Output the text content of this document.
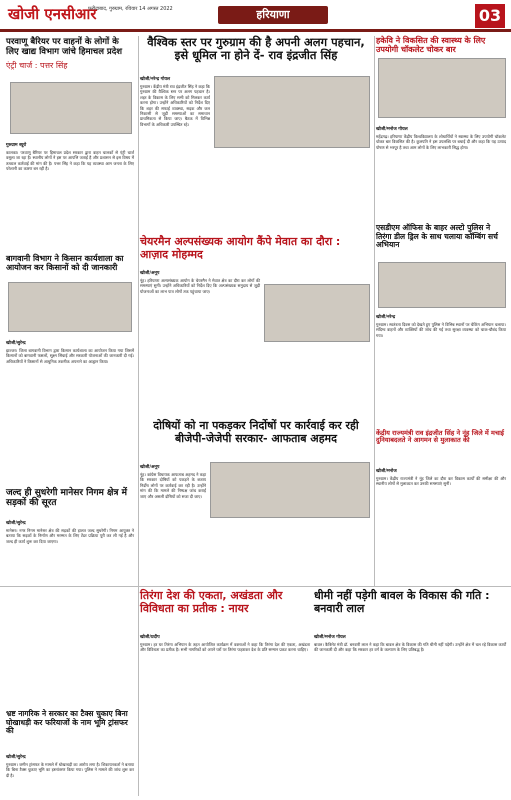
खोजी एनसीआर
फरीदाबाद, गुरुग्राम, रविवार 14 अगस्त 2022	हरियाणा	03
परवाणू बैरियर पर वाहनाें के लोगों के लिए खाद्य विभाग जांचे हिमाचल प्रदेश
एंट्री चार्ज : पत्तर सिंह
गुरुग्राम ब्यूरो
कालका। परवाणू बैरियर पर हिमाचल प्रदेश सरकार द्वारा वाहन चालकों से एंट्री चार्ज वसूला जा रहा है। स्थानीय लोगों ने इस पर आपत्ति जताई है और प्रशासन से इस विषय में तत्काल कार्रवाई की मांग की है। पत्तर सिंह ने कहा कि यह व्यवस्था आम जनता के लिए परेशानी का कारण बन रही है।
वैश्विक स्तर पर गुरुग्राम की है अपनी अलग पहचान, इसे धूमिल ना होने दें- राव इंद्रजीत सिंह
खोजी/नरेन्द्र गोयल
गुरुग्राम। केंद्रीय मंत्री राव इंद्रजीत सिंह ने कहा कि गुरुग्राम की वैश्विक स्तर पर अलग पहचान है। शहर के विकास के लिए सभी को मिलकर कार्य करना होगा। उन्होंने अधिकारियों को निर्देश दिए कि शहर की सफाई व्यवस्था, सड़क और जल निकासी से जुड़ी समस्याओं का समाधान प्राथमिकता से किया जाए। बैठक में विभिन्न विभागों के अधिकारी उपस्थित रहे।
हकेवि ने विकसित की स्वास्थ्य के लिए उपयोगी चॉकलेट चोकर बार
खोजी/मनोज गोयल
महेंद्रगढ़। हरियाणा केंद्रीय विश्वविद्यालय के शोधार्थियों ने स्वास्थ्य के लिए उपयोगी चॉकलेट चोकर बार विकसित की है। कुलपति ने इस उपलब्धि पर बधाई दी और कहा कि यह उत्पाद पोषण से भरपूर है तथा आम लोगों के लिए लाभकारी सिद्ध होगा।
बागवानी विभाग ने किसान कार्यशाला का आयोजन कर किसानों को दी जानकारी
खोजी/सुरेन्द्र
झज्जर। जिला बागवानी विभाग द्वारा किसान कार्यशाला का आयोजन किया गया जिसमें किसानों को बागवानी फसलों, सूक्ष्म सिंचाई और सरकारी योजनाओं की जानकारी दी गई। अधिकारियों ने किसानों से आधुनिक तकनीक अपनाने का आह्वान किया।
चेयरमैन अल्पसंख्यक आयोग कैंपे मेवात का दौरा : आज़ाद मोहम्मद
खोजी/अनूप
नूंह। हरियाणा अल्पसंख्यक आयोग के चेयरमैन ने मेवात क्षेत्र का दौरा कर लोगों की समस्याएं सुनीं। उन्होंने अधिकारियों को निर्देश दिए कि अल्पसंख्यक समुदाय से जुड़ी योजनाओं का लाभ पात्र लोगों तक पहुंचाया जाए।
एसडीएम ऑफिस के बाहर अल्टो पुलिस ने तिरंगा डील ड्रिल के साथ चलाया कॉम्बिंग सर्च अभियान
खोजी/नरेन्द्र
गुरुग्राम। स्वतंत्रता दिवस को देखते हुए पुलिस ने विभिन्न स्थानों पर चेकिंग अभियान चलाया। संदिग्ध वाहनों और व्यक्तियों की जांच की गई तथा सुरक्षा व्यवस्था को चाक-चौबंद किया गया।
दोषियों को ना पकड़कर निर्दोषों पर कार्रवाई कर रही बीजेपी-जेजेपी सरकार- आफताब अहमद
खोजी/अनूप
नूंह। कांग्रेस विधायक आफताब अहमद ने कहा कि सरकार दोषियों को पकड़ने के बजाय निर्दोष लोगों पर कार्रवाई कर रही है। उन्होंने मांग की कि मामले की निष्पक्ष जांच कराई जाए और असली दोषियों को सजा दी जाए।
केंद्रीय राज्यमंत्री राव इंद्रजीत सिंह ने नूंह जिले में मचाई दुनियाबदलते ने आगमन से मुलाकात की
खोजी/मनोज
गुरुग्राम। केंद्रीय राज्यमंत्री ने नूंह जिले का दौरा कर विकास कार्यों की समीक्षा की और स्थानीय लोगों से मुलाकात कर उनकी समस्याएं सुनीं।
जल्द ही सुधरेगी मानेसर निगम क्षेत्र में सड़कों की सूरत
खोजी/सुरेन्द्र
मानेसर। नगर निगम मानेसर क्षेत्र की सड़कों की हालत जल्द सुधरेगी। निगम आयुक्त ने बताया कि सड़कों के निर्माण और मरम्मत के लिए टेंडर प्रक्रिया पूरी कर ली गई है और जल्द ही कार्य शुरू कर दिया जाएगा।
तिरंगा देश की एकता, अखंडता और विविधता का प्रतीक : नायर
खोजी/प्रदीप
गुरुग्राम। हर घर तिरंगा अभियान के तहत आयोजित कार्यक्रम में वक्ताओं ने कहा कि तिरंगा देश की एकता, अखंडता और विविधता का प्रतीक है। सभी नागरिकों को अपने घरों पर तिरंगा फहराकर देश के प्रति सम्मान प्रकट करना चाहिए।
धीमी नहीं पड़ेगी बावल के विकास की गति : बनवारी लाल
खोजी/मनोज गोयल
बावल। कैबिनेट मंत्री डॉ. बनवारी लाल ने कहा कि बावल क्षेत्र के विकास की गति धीमी नहीं पड़ेगी। उन्होंने क्षेत्र में चल रहे विकास कार्यों की जानकारी दी और कहा कि सरकार हर वर्ग के कल्याण के लिए प्रतिबद्ध है।
भ्रष्ट नागरिक ने सरकार का टैक्स चुकाए बिना घोखाधड़ी कर फरियाजों के नाम भूमि ट्रांसफर की
खोजी/सुरेन्द्र
गुरुग्राम। जमीन ट्रांसफर के मामले में धोखाधड़ी का आरोप लगा है। शिकायतकर्ता ने बताया कि बिना टैक्स चुकाए भूमि का हस्तांतरण किया गया। पुलिस ने मामले की जांच शुरू कर दी है।
